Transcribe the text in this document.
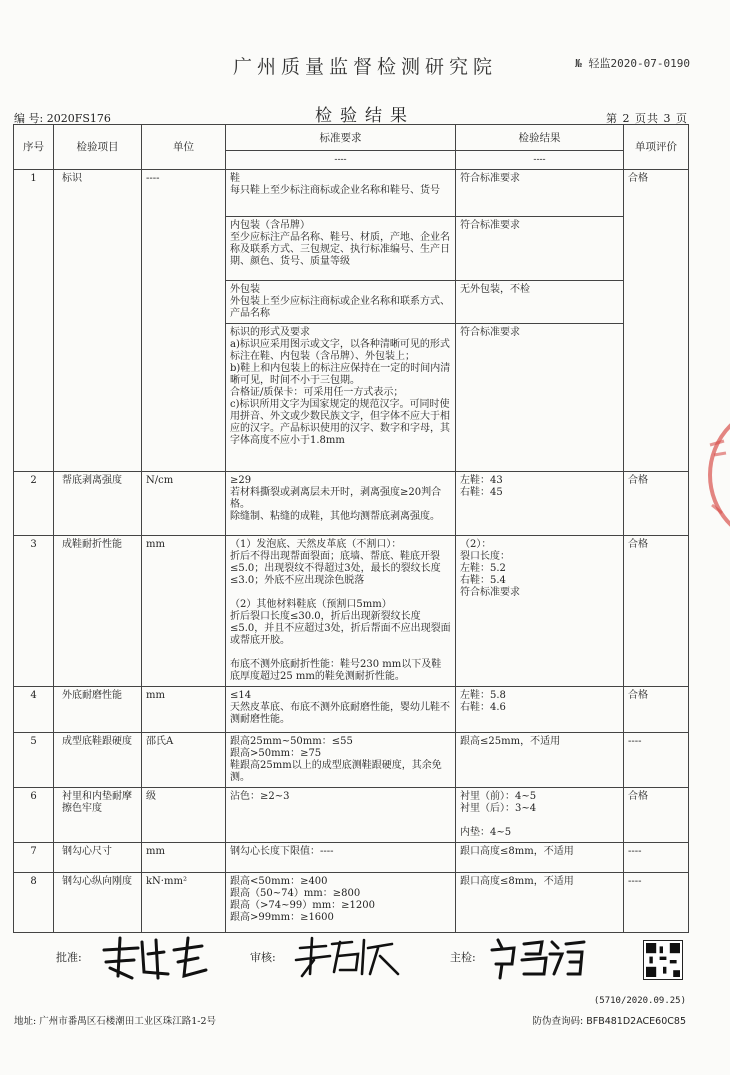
广州质量监督检测研究院	№ 轻监2020-07-0190
编 号: 2020FS176	检验结果	第 2 页共 3 页
序号	检验项目	单位	标准要求	检验结果	单项评价
			----	----	
1	标识	----	鞋
每只鞋上至少标注商标或企业名称和鞋号、货号	符合标准要求	合格
			内包装（含吊牌）
至少应标注产品名称、鞋号、材质，产地、企业名称及联系方式、三包规定、执行标准编号、生产日期、颜色、货号、质量等级	符合标准要求	
			外包装
外包装上至少应标注商标或企业名称和联系方式、产品名称	无外包装，不检	
			标识的形式及要求
a)标识应采用图示或文字，以各种清晰可见的形式标注在鞋、内包装（含吊牌）、外包装上；
b)鞋上和内包装上的标注应保持在一定的时间内清晰可见，时间不小于三包期。
合格证/质保卡：可采用任一方式表示；
c)标识所用文字为国家规定的规范汉字。可同时使用拼音、外文或少数民族文字，但字体不应大于相应的汉字。产品标识使用的汉字、数字和字母，其字体高度不应小于1.8mm	符合标准要求	
2	帮底剥离强度	N/cm	≥29
若材料撕裂或剥离层未开时，剥离强度≥20判合格。
除缝制、粘缝的成鞋，其他均测帮底剥离强度。	左鞋：43
右鞋：45	合格
3	成鞋耐折性能	mm	（1）发泡底、天然皮革底（不割口）：
折后不得出现帮面裂面；底墙、帮底、鞋底开裂≤5.0；出现裂纹不得超过3处，最长的裂纹长度≤3.0；外底不应出现涂色脱落

（2）其他材料鞋底（预割口5mm）
折后裂口长度≤30.0，折后出现新裂纹长度≤5.0，并且不应超过3处，折后帮面不应出现裂面或帮底开胶。

布底不测外底耐折性能：鞋号230 mm以下及鞋底厚度超过25 mm的鞋免测耐折性能。	（2）：
裂口长度：
左鞋：5.2
右鞋：5.4
符合标准要求	合格
4	外底耐磨性能	mm	≤14
天然皮革底、布底不测外底耐磨性能，婴幼儿鞋不测耐磨性能。	左鞋：5.8
右鞋：4.6	合格
5	成型底鞋跟硬度	邵氏A	跟高25mm~50mm：≤55
跟高>50mm：≥75
鞋跟高25mm以上的成型底测鞋跟硬度，其余免测。	跟高≤25mm，不适用	----
6	衬里和内垫耐摩擦色牢度	级	沾色：≥2~3	衬里（前）：4~5
衬里（后）：3~4

内垫：4~5	合格
7	钢勾心尺寸	mm	钢勾心长度下限值：----	跟口高度≤8mm，不适用	----
8	钢勾心纵向刚度	kN·mm²	跟高<50mm：≥400
跟高（50~74）mm：≥800
跟高（>74~99）mm：≥1200
跟高>99mm：≥1600	跟口高度≤8mm，不适用	----
批准:	审核:	主检:
(5710/2020.09.25)
地址: 广州市番禺区石楼潮田工业区珠江路1-2号	防伪查询码: BFB481D2ACE60C85
